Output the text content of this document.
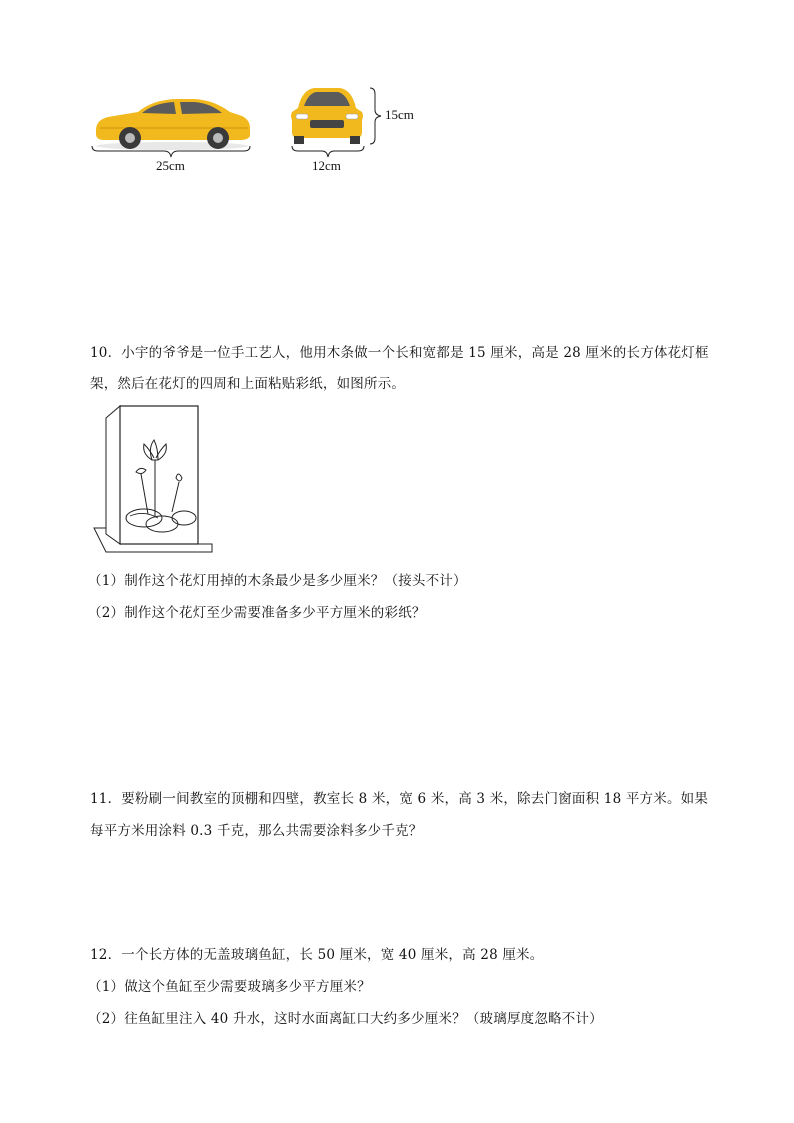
25cm	12cm
15cm
10．小宇的爷爷是一位手工艺人，他用木条做一个长和宽都是 15 厘米，高是 28 厘米的长方体花灯框
架，然后在花灯的四周和上面粘贴彩纸，如图所示。
（1）制作这个花灯用掉的木条最少是多少厘米？（接头不计）
（2）制作这个花灯至少需要准备多少平方厘米的彩纸？
11．要粉刷一间教室的顶棚和四壁，教室长 8 米，宽 6 米，高 3 米，除去门窗面积 18 平方米。如果
每平方米用涂料 0.3 千克，那么共需要涂料多少千克？
12．一个长方体的无盖玻璃鱼缸，长 50 厘米，宽 40 厘米，高 28 厘米。
（1）做这个鱼缸至少需要玻璃多少平方厘米？
（2）往鱼缸里注入 40 升水，这时水面离缸口大约多少厘米？（玻璃厚度忽略不计）
